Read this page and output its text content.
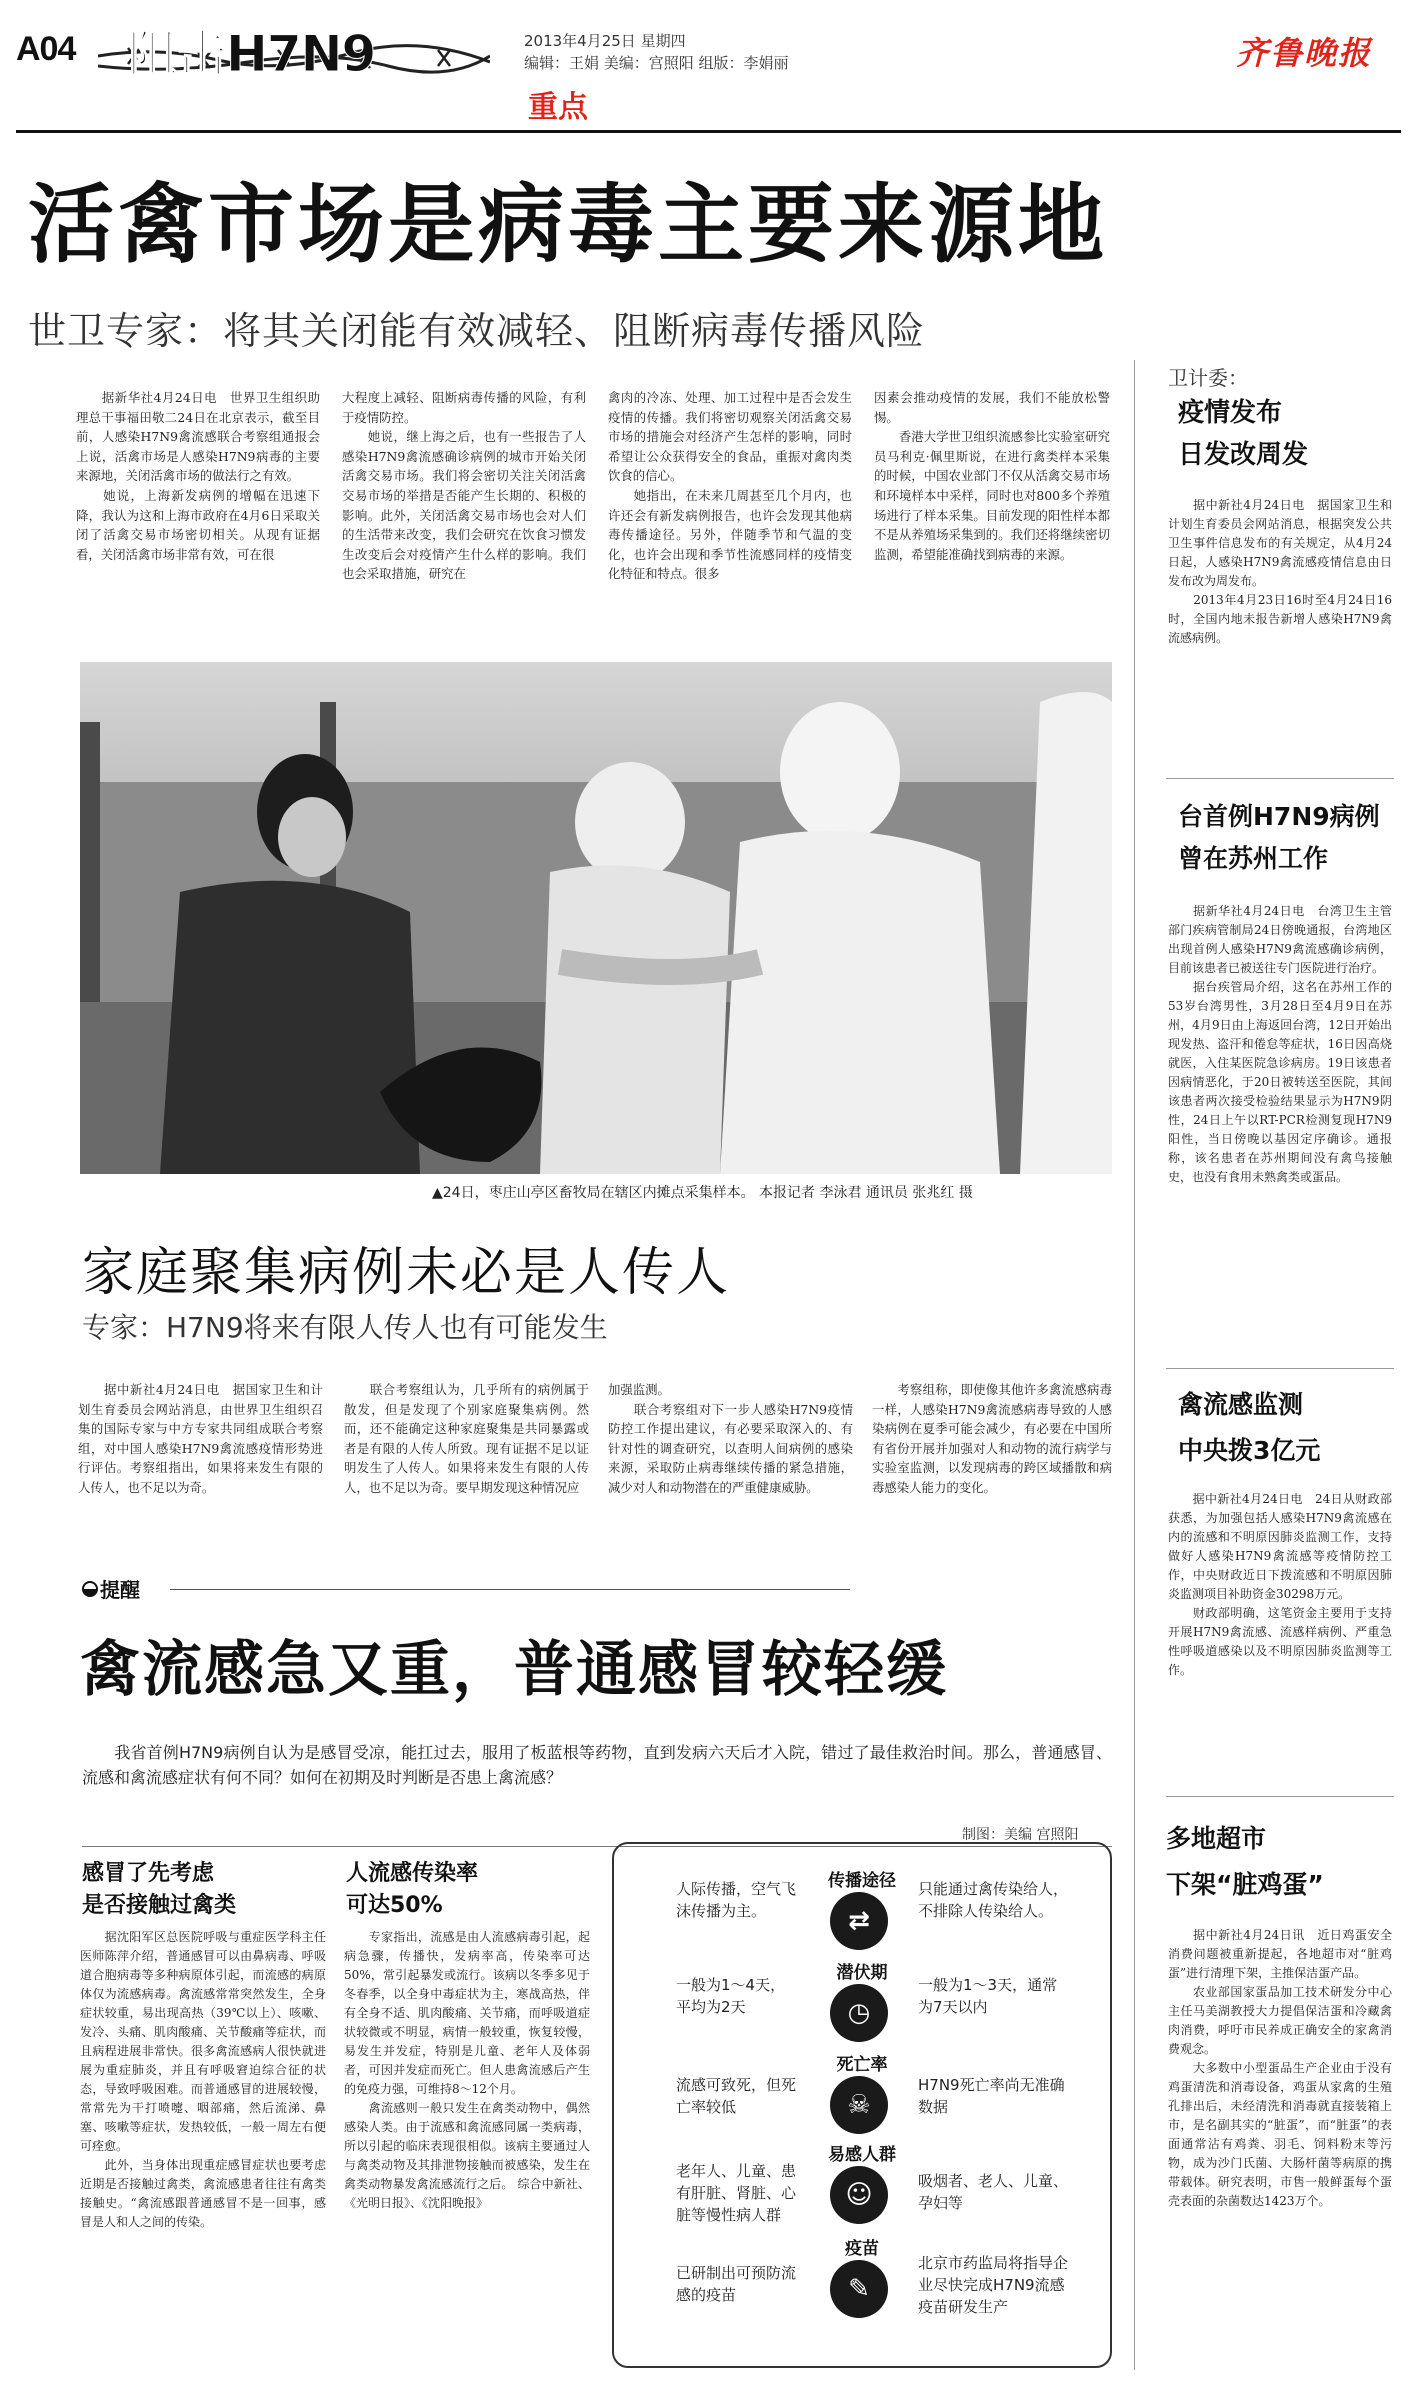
A04 阻击H7N9
重点
2013年4月25日 星期四
编辑：王娟 美编：宫照阳 组版：李娟丽	齐鲁晚报
活禽市场是病毒主要来源地
世卫专家：将其关闭能有效减轻、阻断病毒传播风险
　　据新华社4月24日电　世界卫生组织助理总干事福田敬二24日在北京表示，截至目前，人感染H7N9禽流感联合考察组通报会上说，活禽市场是人感染H7N9病毒的主要来源地，关闭活禽市场的做法行之有效。
　　她说，上海新发病例的增幅在迅速下降，我认为这和上海市政府在4月6日采取关闭了活禽交易市场密切相关。从现有证据看，关闭活禽市场非常有效，可在很
大程度上减轻、阻断病毒传播的风险，有利于疫情防控。
　　她说，继上海之后，也有一些报告了人感染H7N9禽流感确诊病例的城市开始关闭活禽交易市场。我们将会密切关注关闭活禽交易市场的举措是否能产生长期的、积极的影响。此外，关闭活禽交易市场也会对人们的生活带来改变，我们会研究在饮食习惯发生改变后会对疫情产生什么样的影响。我们也会采取措施，研究在
禽肉的冷冻、处理、加工过程中是否会发生疫情的传播。我们将密切观察关闭活禽交易市场的措施会对经济产生怎样的影响，同时希望让公众获得安全的食品，重振对禽肉类饮食的信心。
　　她指出，在未来几周甚至几个月内，也许还会有新发病例报告，也许会发现其他病毒传播途径。另外，伴随季节和气温的变化，也许会出现和季节性流感同样的疫情变化特征和特点。很多
因素会推动疫情的发展，我们不能放松警惕。
　　香港大学世卫组织流感参比实验室研究员马利克·佩里斯说，在进行禽类样本采集的时候，中国农业部门不仅从活禽交易市场和环境样本中采样，同时也对800多个养殖场进行了样本采集。目前发现的阳性样本都不是从养殖场采集到的。我们还将继续密切监测，希望能准确找到病毒的来源。
▲24日，枣庄山亭区畜牧局在辖区内摊点采集样本。 本报记者 李泳君 通讯员 张兆红 摄
家庭聚集病例未必是人传人
专家：H7N9将来有限人传人也有可能发生
　　据中新社4月24日电　据国家卫生和计划生育委员会网站消息，由世界卫生组织召集的国际专家与中方专家共同组成联合考察组，对中国人感染H7N9禽流感疫情形势进行评估。考察组指出，如果将来发生有限的人传人，也不足以为奇。
　　联合考察组认为，几乎所有的病例属于散发，但是发现了个别家庭聚集病例。然而，还不能确定这种家庭聚集是共同暴露或者是有限的人传人所致。现有证据不足以证明发生了人传人。如果将来发生有限的人传人，也不足以为奇。要早期发现这种情况应
加强监测。
　　联合考察组对下一步人感染H7N9疫情防控工作提出建议，有必要采取深入的、有针对性的调查研究，以查明人间病例的感染来源，采取防止病毒继续传播的紧急措施，减少对人和动物潜在的严重健康威胁。
　　考察组称，即使像其他许多禽流感病毒一样，人感染H7N9禽流感病毒导致的人感染病例在夏季可能会减少，有必要在中国所有省份开展并加强对人和动物的流行病学与实验室监测，以发现病毒的跨区域播散和病毒感染人能力的变化。
提醒
禽流感急又重，普通感冒较轻缓
　　我省首例H7N9病例自认为是感冒受凉，能扛过去，服用了板蓝根等药物，直到发病六天后才入院，错过了最佳救治时间。那么，普通感冒、流感和禽流感症状有何不同？如何在初期及时判断是否患上禽流感？
制图：美编 宫照阳
感冒了先考虑
是否接触过禽类
　　据沈阳军区总医院呼吸与重症医学科主任医师陈萍介绍，普通感冒可以由鼻病毒、呼吸道合胞病毒等多种病原体引起，而流感的病原体仅为流感病毒。禽流感常常突然发生，全身症状较重，易出现高热（39℃以上）、咳嗽、发冷、头痛、肌肉酸痛、关节酸痛等症状，而且病程进展非常快。很多禽流感病人很快就进展为重症肺炎，并且有呼吸窘迫综合征的状态，导致呼吸困难。而普通感冒的进展较慢，常常先为干打喷嚏、咽部痛，然后流涕、鼻塞、咳嗽等症状，发热较低，一般一周左右便可痊愈。
　　此外，当身体出现重症感冒症状也要考虑近期是否接触过禽类，禽流感患者往往有禽类接触史。“禽流感跟普通感冒不是一回事，感冒是人和人之间的传染。
人流感传染率
可达50%
　　专家指出，流感是由人流感病毒引起，起病急骤，传播快，发病率高，传染率可达50%，常引起暴发或流行。该病以冬季多见于冬春季，以全身中毒症状为主，寒战高热，伴有全身不适、肌肉酸痛、关节痛，而呼吸道症状较微或不明显，病情一般较重，恢复较慢，易发生并发症，特别是儿童、老年人及体弱者，可因并发症而死亡。但人患禽流感后产生的免疫力强，可维持8～12个月。
　　禽流感则一般只发生在禽类动物中，偶然感染人类。由于流感和禽流感同属一类病毒，所以引起的临床表现很相似。该病主要通过人与禽类动物及其排泄物接触而被感染，发生在禽类动物暴发禽流感流行之后。 综合中新社、《光明日报》、《沈阳晚报》
传播途径
⇄
人际传播，空气飞沫传播为主。
只能通过禽传染给人，不排除人传染给人。
潜伏期
◷
一般为1～4天，平均为2天
一般为1～3天，通常为7天以内
死亡率
☠
流感可致死，但死亡率较低
H7N9死亡率尚无准确数据
易感人群
☺
老年人、儿童、患有肝脏、肾脏、心脏等慢性病人群
吸烟者、老人、儿童、孕妇等
疫苗
✎
已研制出可预防流感的疫苗
北京市药监局将指导企业尽快完成H7N9流感疫苗研发生产
卫计委：
疫情发布
日发改周发
　　据中新社4月24日电　据国家卫生和计划生育委员会网站消息，根据突发公共卫生事件信息发布的有关规定，从4月24日起，人感染H7N9禽流感疫情信息由日发布改为周发布。
　　2013年4月23日16时至4月24日16时，全国内地未报告新增人感染H7N9禽流感病例。
台首例H7N9病例
曾在苏州工作
　　据新华社4月24日电　台湾卫生主管部门疾病管制局24日傍晚通报，台湾地区出现首例人感染H7N9禽流感确诊病例，目前该患者已被送往专门医院进行治疗。
　　据台疾管局介绍，这名在苏州工作的53岁台湾男性，3月28日至4月9日在苏州，4月9日由上海返回台湾，12日开始出现发热、盗汗和倦怠等症状，16日因高烧就医，入住某医院急诊病房。19日该患者因病情恶化，于20日被转送至医院，其间该患者两次接受检验结果显示为H7N9阴性，24日上午以RT-PCR检测复现H7N9阳性，当日傍晚以基因定序确诊。通报称，该名患者在苏州期间没有禽鸟接触史，也没有食用未熟禽类或蛋品。
禽流感监测
中央拨3亿元
　　据中新社4月24日电　24日从财政部获悉，为加强包括人感染H7N9禽流感在内的流感和不明原因肺炎监测工作，支持做好人感染H7N9禽流感等疫情防控工作，中央财政近日下拨流感和不明原因肺炎监测项目补助资金30298万元。
　　财政部明确，这笔资金主要用于支持开展H7N9禽流感、流感样病例、严重急性呼吸道感染以及不明原因肺炎监测等工作。
多地超市
下架“脏鸡蛋”
　　据中新社4月24日讯　近日鸡蛋安全消费问题被重新提起，各地超市对“脏鸡蛋”进行清理下架，主推保洁蛋产品。
　　农业部国家蛋品加工技术研发分中心主任马美湖教授大力提倡保洁蛋和冷藏禽肉消费，呼吁市民养成正确安全的家禽消费观念。
　　大多数中小型蛋品生产企业由于没有鸡蛋清洗和消毒设备，鸡蛋从家禽的生殖孔排出后，未经清洗和消毒就直接装箱上市，是名副其实的“脏蛋”，而“脏蛋”的表面通常沾有鸡粪、羽毛、饲料粉末等污物，成为沙门氏菌、大肠杆菌等病原的携带载体。研究表明，市售一般鲜蛋每个蛋壳表面的杂菌数达1423万个。
